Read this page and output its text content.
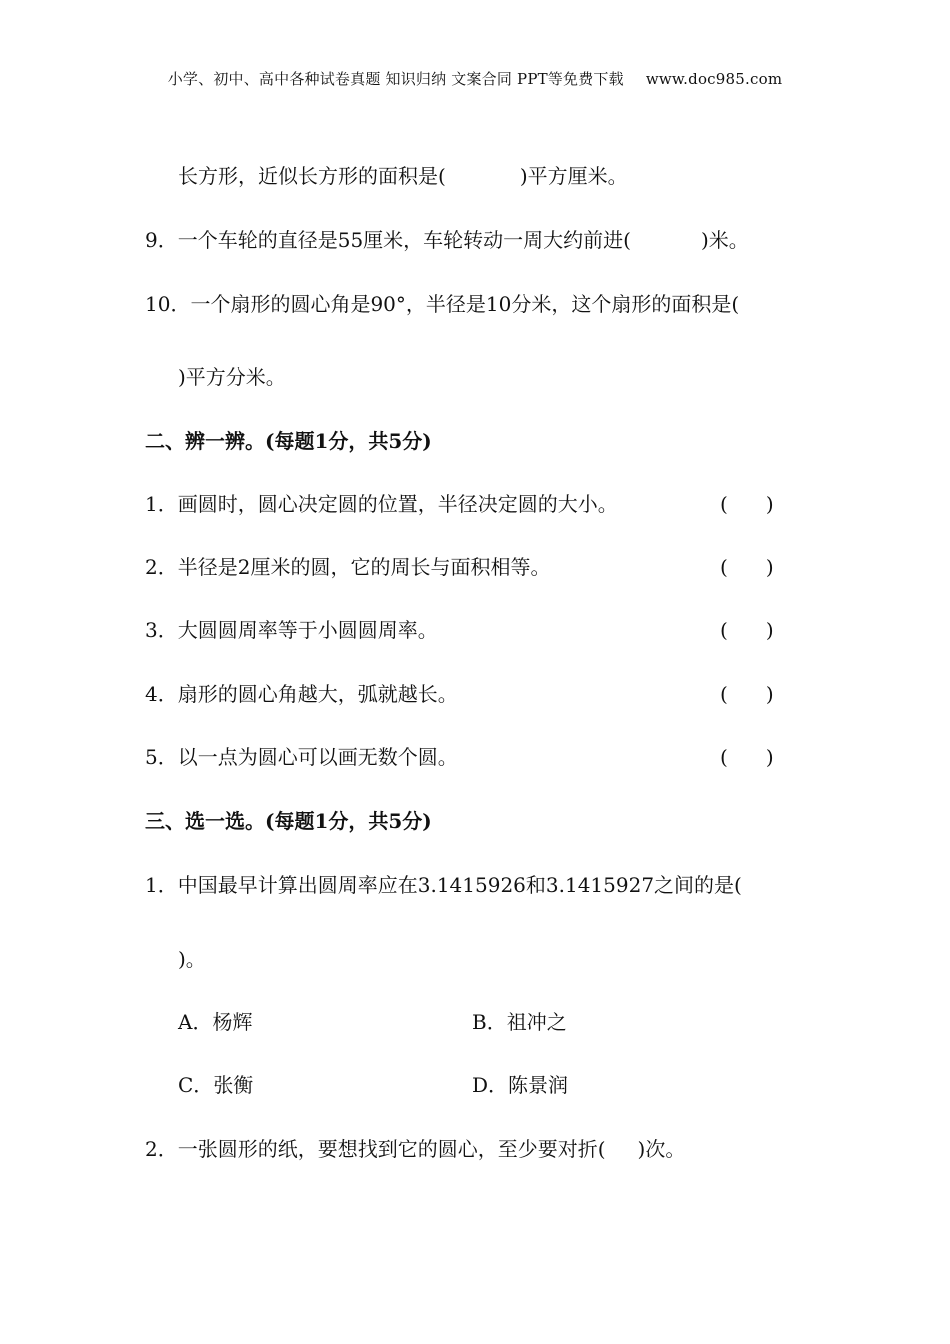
小学、初中、高中各种试卷真题 知识归纳 文案合同 PPT等免费下载 www.doc985.com
长方形，近似长方形的面积是(	)平方厘米。
9．一个车轮的直径是55厘米，车轮转动一周大约前进(	)米。
10．一个扇形的圆心角是90°，半径是10分米，这个扇形的面积是(
)平方分米。
二、辨一辨。(每题1分，共5分)
1．画圆时，圆心决定圆的位置，半径决定圆的大小。	( )
2．半径是2厘米的圆，它的周长与面积相等。	( )
3．大圆圆周率等于小圆圆周率。	( )
4．扇形的圆心角越大，弧就越长。	( )
5．以一点为圆心可以画无数个圆。	( )
三、选一选。(每题1分，共5分)
1．中国最早计算出圆周率应在3.1415926和3.1415927之间的是(
)。
A．杨辉	B．祖冲之
C．张衡	D．陈景润
2．一张圆形的纸，要想找到它的圆心，至少要对折( )次。
